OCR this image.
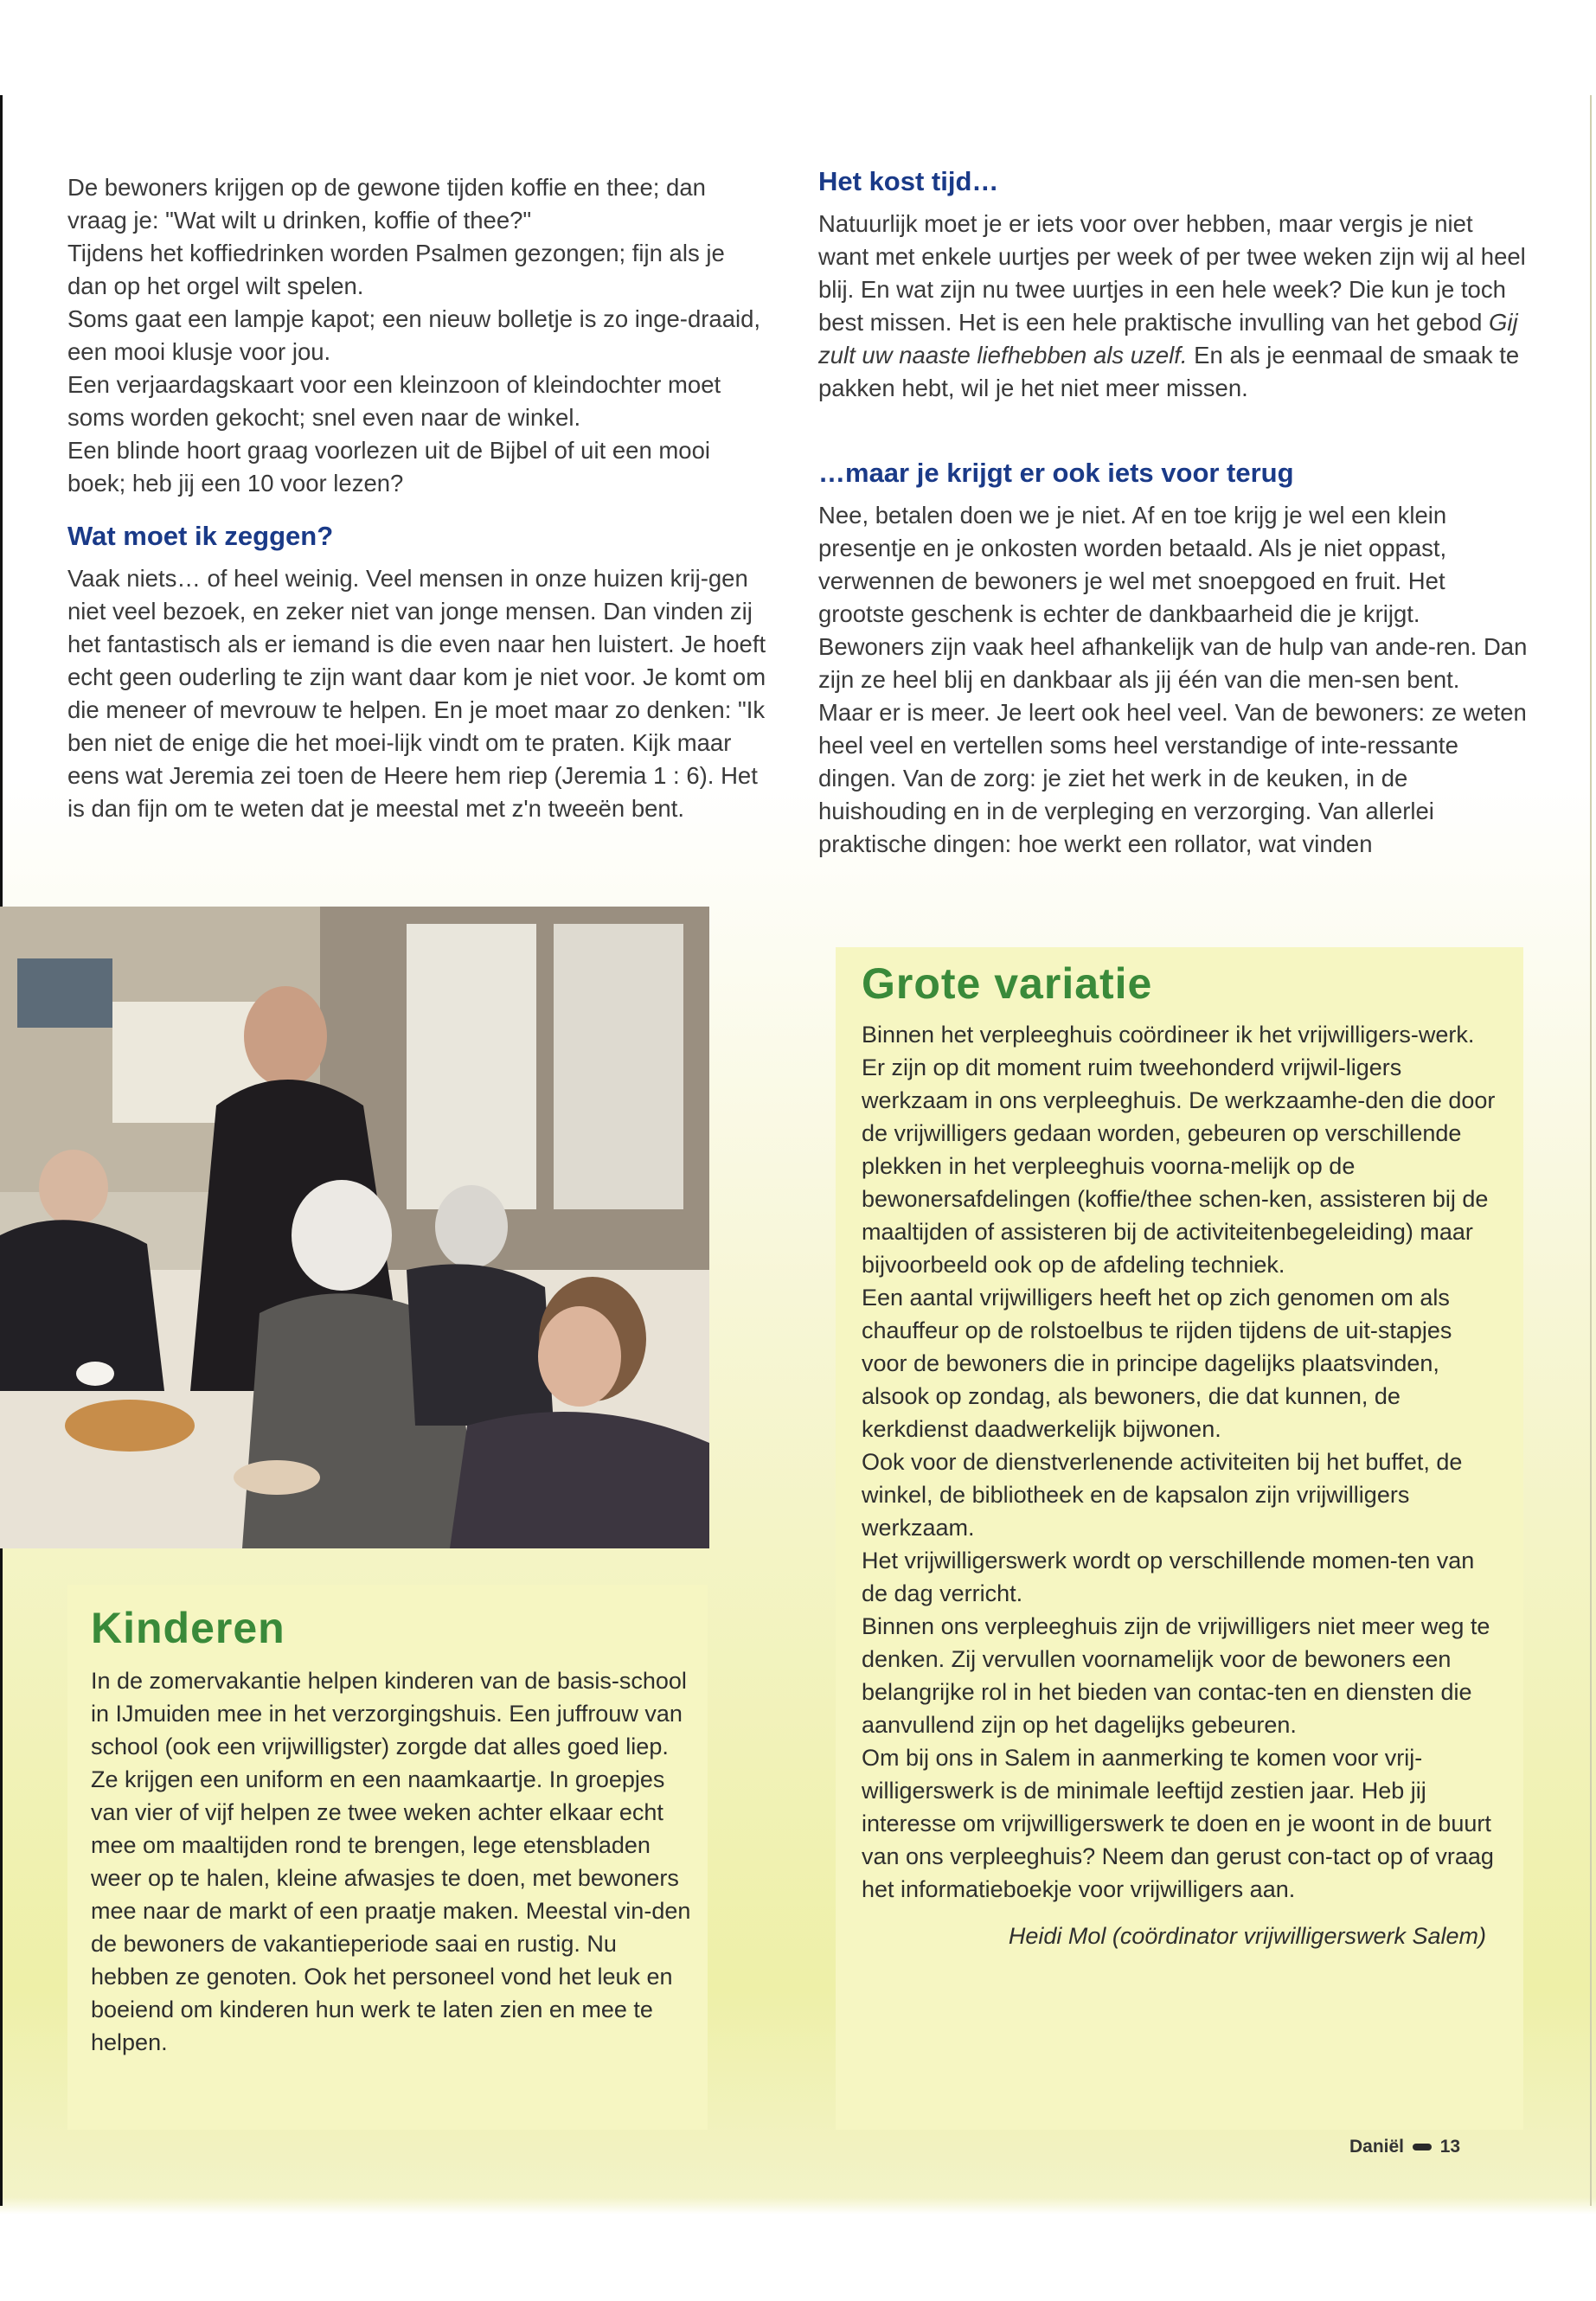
De bewoners krijgen op de gewone tijden koffie en thee; dan vraag je: "Wat wilt u drinken, koffie of thee?"

Tijdens het koffiedrinken worden Psalmen gezongen; fijn als je dan op het orgel wilt spelen.

Soms gaat een lampje kapot; een nieuw bolletje is zo inge-draaid, een mooi klusje voor jou.

Een verjaardagskaart voor een kleinzoon of kleindochter moet soms worden gekocht; snel even naar de winkel.

Een blinde hoort graag voorlezen uit de Bijbel of uit een mooi boek; heb jij een 10 voor lezen?

Wat moet ik zeggen?

Vaak niets… of heel weinig. Veel mensen in onze huizen krij-gen niet veel bezoek, en zeker niet van jonge mensen. Dan vinden zij het fantastisch als er iemand is die even naar hen luistert. Je hoeft echt geen ouderling te zijn want daar kom je niet voor. Je komt om die meneer of mevrouw te helpen. En je moet maar zo denken: "Ik ben niet de enige die het moei-lijk vindt om te praten. Kijk maar eens wat Jeremia zei toen de Heere hem riep (Jeremia 1 : 6). Het is dan fijn om te weten dat je meestal met z'n tweeën bent.

Het kost tijd…

Natuurlijk moet je er iets voor over hebben, maar vergis je niet want met enkele uurtjes per week of per twee weken zijn wij al heel blij. En wat zijn nu twee uurtjes in een hele week? Die kun je toch best missen. Het is een hele praktische invulling van het gebod Gij zult uw naaste liefhebben als uzelf. En als je eenmaal de smaak te pakken hebt, wil je het niet meer missen.

…maar je krijgt er ook iets voor terug

Nee, betalen doen we je niet. Af en toe krijg je wel een klein presentje en je onkosten worden betaald. Als je niet oppast, verwennen de bewoners je wel met snoepgoed en fruit. Het grootste geschenk is echter de dankbaarheid die je krijgt. Bewoners zijn vaak heel afhankelijk van de hulp van ande-ren. Dan zijn ze heel blij en dankbaar als jij één van die men-sen bent.

Maar er is meer. Je leert ook heel veel. Van de bewoners: ze weten heel veel en vertellen soms heel verstandige of inte-ressante dingen. Van de zorg: je ziet het werk in de keuken, in de huishouding en in de verpleging en verzorging. Van allerlei praktische dingen: hoe werkt een rollator, wat vinden

Kinderen

In de zomervakantie helpen kinderen van de basis-school in IJmuiden mee in het verzorgingshuis. Een juffrouw van school (ook een vrijwilligster) zorgde dat alles goed liep. Ze krijgen een uniform en een naamkaartje. In groepjes van vier of vijf helpen ze twee weken achter elkaar echt mee om maaltijden rond te brengen, lege etensbladen weer op te halen, kleine afwasjes te doen, met bewoners mee naar de markt of een praatje maken. Meestal vin-den de bewoners de vakantieperiode saai en rustig. Nu hebben ze genoten. Ook het personeel vond het leuk en boeiend om kinderen hun werk te laten zien en mee te helpen.

Grote variatie

Binnen het verpleeghuis coördineer ik het vrijwilligers-werk. Er zijn op dit moment ruim tweehonderd vrijwil-ligers werkzaam in ons verpleeghuis. De werkzaamhe-den die door de vrijwilligers gedaan worden, gebeuren op verschillende plekken in het verpleeghuis voorna-melijk op de bewonersafdelingen (koffie/thee schen-ken, assisteren bij de maaltijden of assisteren bij de activiteitenbegeleiding) maar bijvoorbeeld ook op de afdeling techniek.

Een aantal vrijwilligers heeft het op zich genomen om als chauffeur op de rolstoelbus te rijden tijdens de uit-stapjes voor de bewoners die in principe dagelijks plaatsvinden, alsook op zondag, als bewoners, die dat kunnen, de kerkdienst daadwerkelijk bijwonen.

Ook voor de dienstverlenende activiteiten bij het buffet, de winkel, de bibliotheek en de kapsalon zijn vrijwilligers werkzaam.

Het vrijwilligerswerk wordt op verschillende momen-ten van de dag verricht.

Binnen ons verpleeghuis zijn de vrijwilligers niet meer weg te denken. Zij vervullen voornamelijk voor de bewoners een belangrijke rol in het bieden van contac-ten en diensten die aanvullend zijn op het dagelijks gebeuren.

Om bij ons in Salem in aanmerking te komen voor vrij-willigerswerk is de minimale leeftijd zestien jaar. Heb jij interesse om vrijwilligerswerk te doen en je woont in de buurt van ons verpleeghuis? Neem dan gerust con-tact op of vraag het informatieboekje voor vrijwilligers aan.

Heidi Mol (coördinator vrijwilligerswerk Salem)

Daniël 13
